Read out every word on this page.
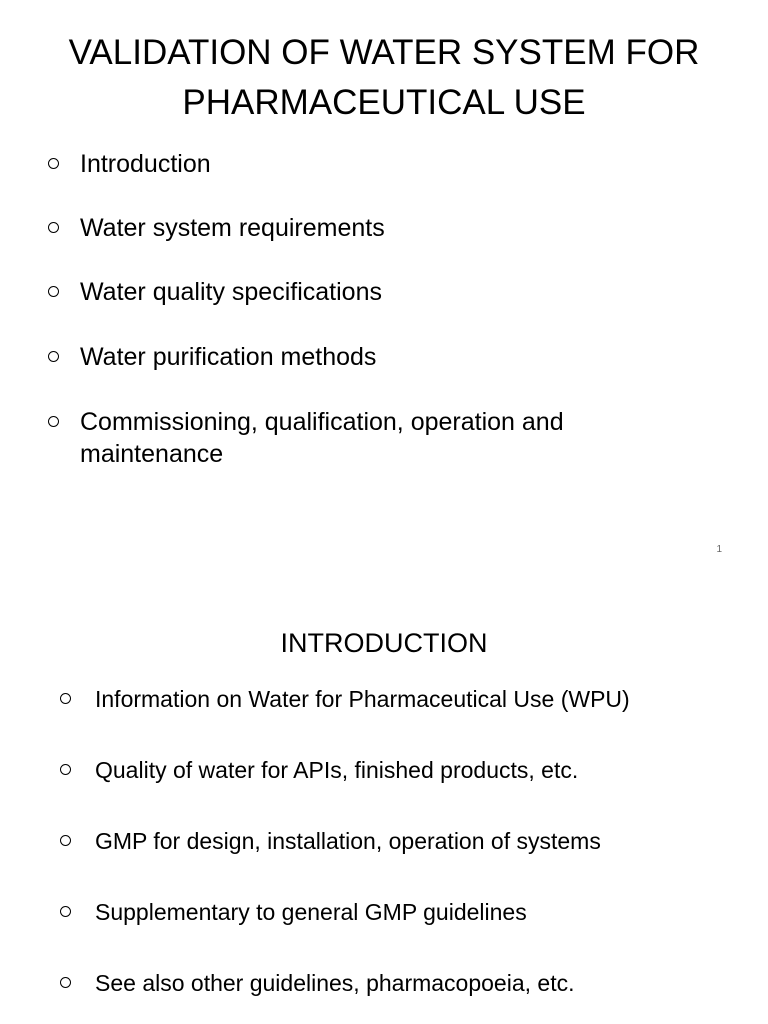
VALIDATION OF WATER SYSTEM FOR PHARMACEUTICAL USE
Introduction
Water system requirements
Water quality specifications
Water purification methods
Commissioning, qualification, operation and maintenance
1
INTRODUCTION
Information on Water for Pharmaceutical Use (WPU)
Quality of water for APIs, finished products, etc.
GMP for design, installation, operation of systems
Supplementary to general GMP guidelines
See also other guidelines, pharmacopoeia, etc.
